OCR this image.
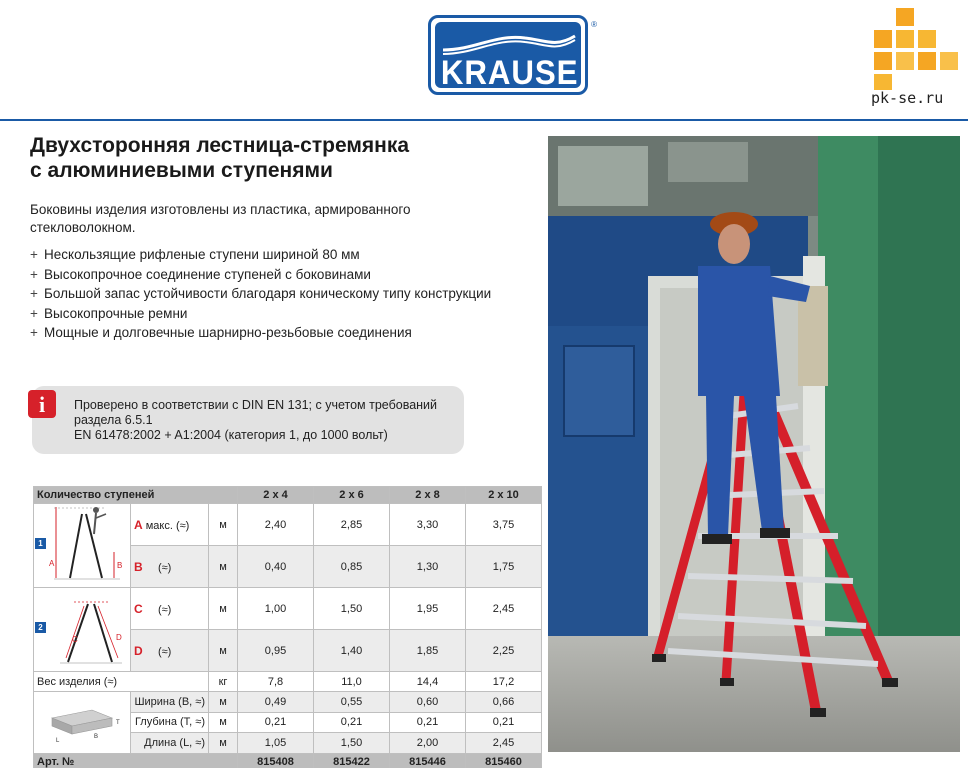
KRAUSE
®
pk-se.ru
Двухсторонняя лестница-стремянка
с алюминиевыми ступенями
Боковины изделия изготовлены из пластика, армированного стекловолокном.
+ Нескользящие рифленые ступени шириной 80 мм
+ Высокопрочное соединение ступеней с боковинами
+ Большой запас устойчивости благодаря коническому типу конструкции
+ Высокопрочные ремни
+ Мощные и долговечные шарнирно-резьбовые соединения
i	Проверено в соответствии с DIN EN 131; с учетом требований раздела 6.5.1
EN 61478:2002 + A1:2004 (категория 1, до 1000 вольт)
Количество ступеней			2 x 4	2 x 6	2 x 8	2 x 10

1
A B	A макс. (≈)	м	2,40	2,85	3,30	3,75
	B (≈)	м	0,40	0,85	1,30	1,75

2
C D	C (≈)	м	1,00	1,50	1,95	2,45
	D (≈)	м	0,95	1,40	1,85	2,25
Вес изделия (≈)		кг	7,8	11,0	14,4	17,2

L
B
T	Ширина (B, ≈)	м	0,49	0,55	0,60	0,66
	Глубина (T, ≈)	м	0,21	0,21	0,21	0,21
	Длина (L, ≈)	м	1,05	1,50	2,00	2,45
Арт. №			815408	815422	815446	815460
